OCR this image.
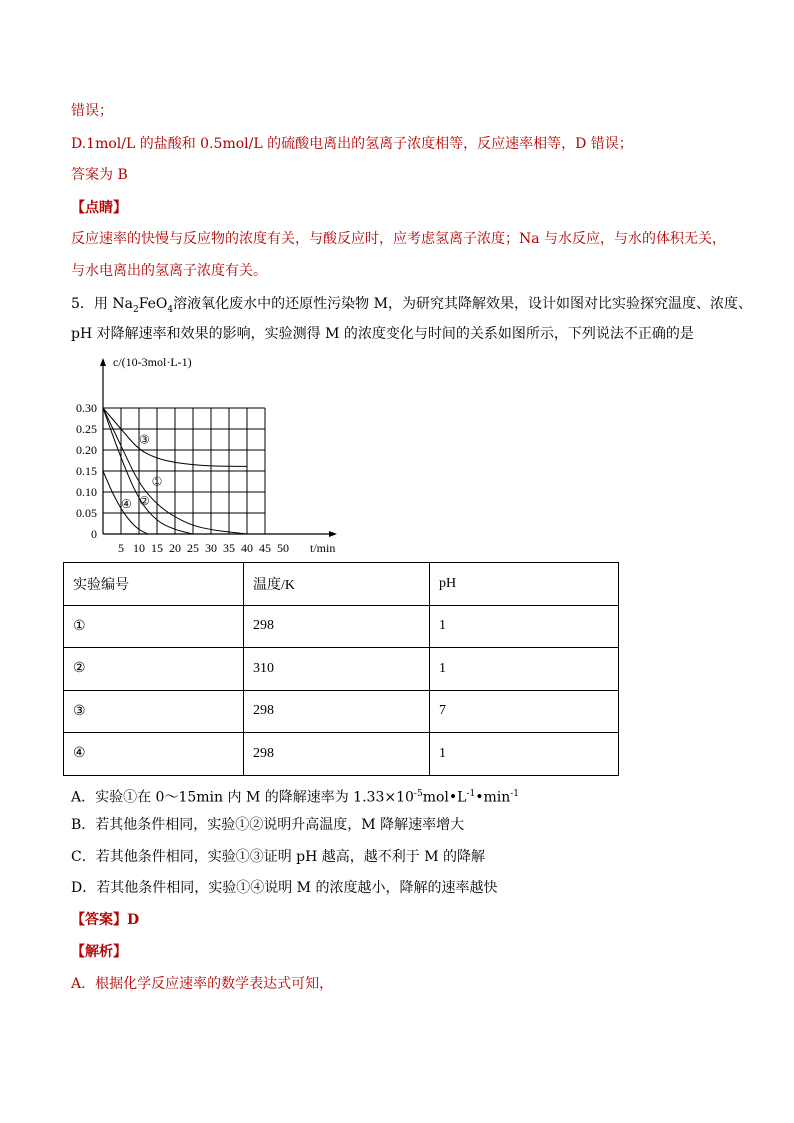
错误；
D.1mol/L 的盐酸和 0.5mol/L 的硫酸电离出的氢离子浓度相等，反应速率相等，D 错误；
答案为 B
【点睛】
反应速率的快慢与反应物的浓度有关，与酸反应时，应考虑氢离子浓度；Na 与水反应，与水的体积无关，
与水电离出的氢离子浓度有关。
5．用 $Na_2FeO_4$溶液氧化废水中的还原性污染物 M，为研究其降解效果，设计如图对比实验探究温度、浓度、
pH 对降解速率和效果的影响，实验测得 M 的浓度变化与时间的关系如图所示，下列说法不正确的是
5 10 15 20 25 30 35 40 45 50
0
0.05
0.10
0.15
0.20
0.25
0.30
①
②
③
④
c/(10-3mol·L-1)
t/min
实验编号	温度/K	pH
①	298	1
②	310	1
③	298	7
④	298	1
A．实验①在 0～15min 内 M 的降解速率为 $1.33\times 10^{-5}mol•L^{-1}•\min^{-1}$
B．若其他条件相同，实验①②说明升高温度，M 降解速率增大
C．若其他条件相同，实验①③证明 pH 越高，越不利于 M 的降解
D．若其他条件相同，实验①④说明 M 的浓度越小，降解的速率越快
【答案】D
【解析】
A．根据化学反应速率的数学表达式可知，
